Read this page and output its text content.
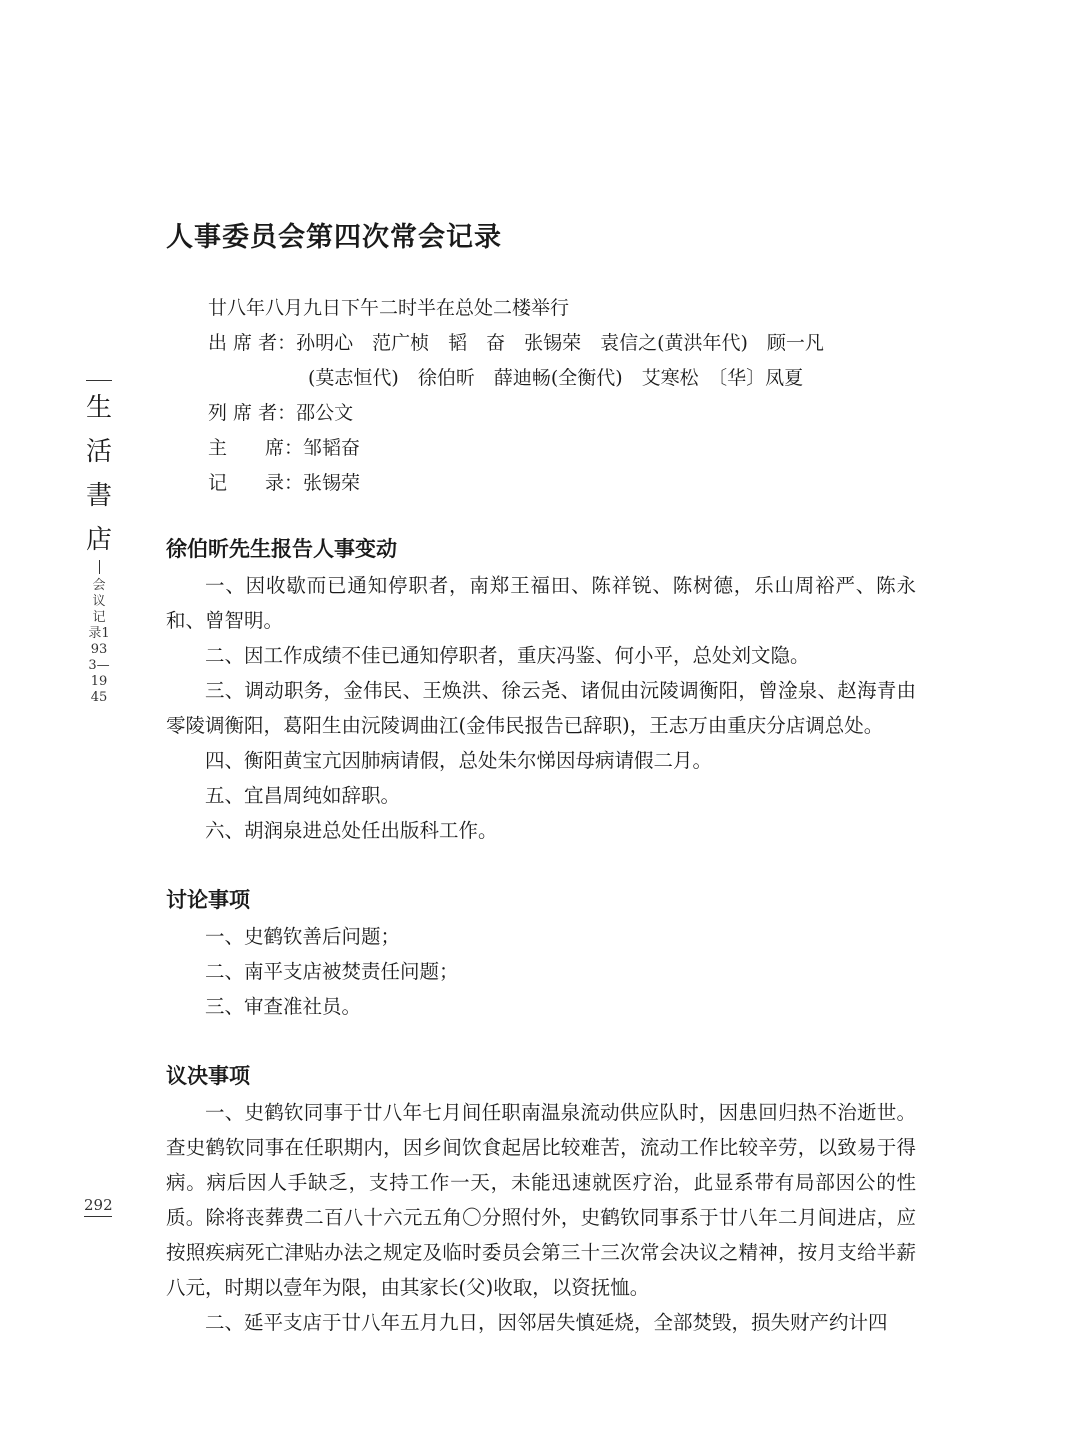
生
活
書
店
会议记录1933—1945
292
人事委员会第四次常会记录
廿八年八月九日下午二时半在总处二楼举行
出 席 者：孙明心　范广桢　韬　奋　张锡荣　袁信之(黄洪年代)　顾一凡
(莫志恒代)　徐伯昕　薛迪畅(全衡代)　艾寒松　〔华〕凤夏
列 席 者：邵公文
主　　席：邹韬奋
记　　录：张锡荣
徐伯昕先生报告人事变动

一、因收歇而已通知停职者，南郑王福田、陈祥锐、陈树德，乐山周裕严、陈永和、曾智明。

二、因工作成绩不佳已通知停职者，重庆冯鉴、何小平，总处刘文隐。

三、调动职务，金伟民、王焕洪、徐云尧、诸侃由沅陵调衡阳，曾淦泉、赵海青由零陵调衡阳，葛阳生由沅陵调曲江(金伟民报告已辞职)，王志万由重庆分店调总处。

四、衡阳黄宝亢因肺病请假，总处朱尔悌因母病请假二月。

五、宜昌周纯如辞职。

六、胡润泉进总处任出版科工作。

讨论事项

一、史鹤钦善后问题；

二、南平支店被焚责任问题；

三、审查准社员。

议决事项

一、史鹤钦同事于廿八年七月间任职南温泉流动供应队时，因患回归热不治逝世。查史鹤钦同事在任职期内，因乡间饮食起居比较难苦，流动工作比较辛劳，以致易于得病。病后因人手缺乏，支持工作一天，未能迅速就医疗治，此显系带有局部因公的性质。除将丧葬费二百八十六元五角〇分照付外，史鹤钦同事系于廿八年二月间进店，应按照疾病死亡津贴办法之规定及临时委员会第三十三次常会决议之精神，按月支给半薪八元，时期以壹年为限，由其家长(父)收取，以资抚恤。

二、延平支店于廿八年五月九日，因邻居失慎延烧，全部焚毁，损失财产约计四
